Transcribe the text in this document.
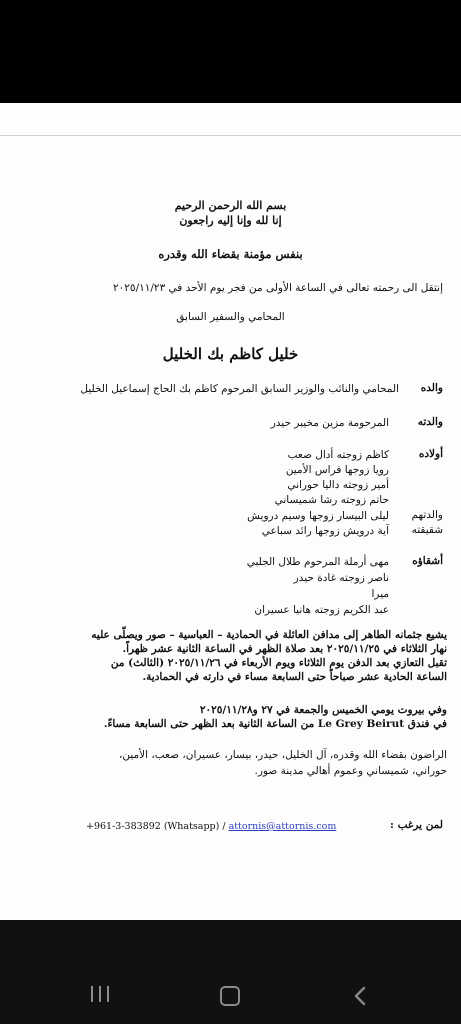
بسم الله الرحمن الرحيم
إنا لله وإنا إليه راجعون
بنفس مؤمنة بقضاء الله وقدره
إنتقل الى رحمته تعالى في الساعة الأولى من فجر يوم الأحد في ٢٠٢٥/١١/٢٣
المحامي والسفير السابق
خليل كاظم بك الخليل
والده
المحامي والنائب والوزير السابق المرحوم كاظم بك الحاج إسماعيل الخليل
والدته
المرحومة مزين مخيبر حيدر
أولاده
كاظم زوجته أدال صعب
رويا زوجها فراس الأمين
أمير زوجته داليا حوراني
حاتم زوجته رشا شميساني
والدتهم
ليلى البيسار زوجها وسيم درويش
شقيقته
آية درويش زوجها رائد سباعي
أشقاؤه
مهى أرملة المرحوم طلال الجلبي
ناصر زوجته غادة حيدر
ميرا
عبد الكريم زوجته هانيا عسيران
يشيع جثمانه الطاهر إلى مدافن العائلة في الحمادية – العباسية – صور ويصلّى عليه
نهار الثلاثاء في ٢٠٢٥/١١/٢٥ بعد صلاة الظهر في الساعة الثانية عشر ظهراً.
تقبل التعازي بعد الدفن يوم الثلاثاء ويوم الأربعاء في ٢٠٢٥/١١/٢٦ (الثالث) من
الساعة الحادية عشر صباحاً حتى السابعة مساء في دارته في الحمادية.
وفي بيروت يومي الخميس والجمعة في ٢٧ و٢٠٢٥/١١/٢٨
في فندق Le Grey Beirut من الساعة الثانية بعد الظهر حتى السابعة مساءً.
الراضون بقضاء الله وقدره، آل الخليل، حيدر، بيسار، عسيران، صعب، الأمين،
حوراني، شميساني وعموم أهالي مدينة صور.
لمن يرغب :
+961-3-383892 (Whatsapp) / attornis@attornis.com
